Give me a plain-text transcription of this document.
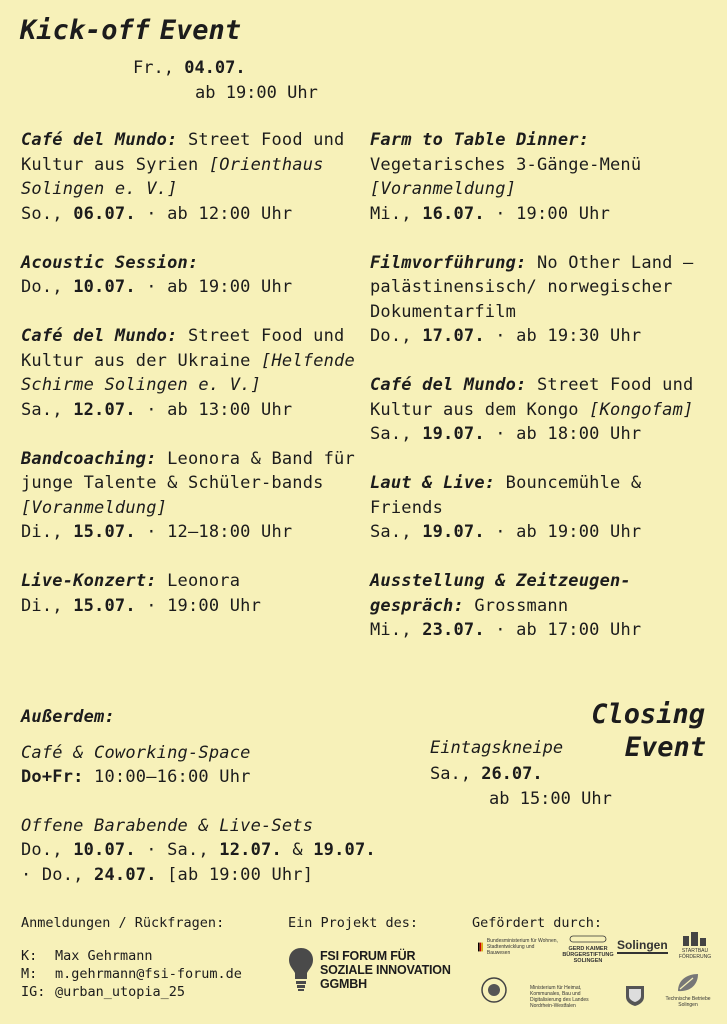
Kick-off Event
Fr., 04.07.
ab 19:00 Uhr
Café del Mundo: Street Food und Kultur aus Syrien [Orienthaus Solingen e. V.]
So., 06.07. · ab 12:00 Uhr
Acoustic Session:
Do., 10.07. · ab 19:00 Uhr
Café del Mundo: Street Food und Kultur aus der Ukraine [Helfende Schirme Solingen e. V.]
Sa., 12.07. · ab 13:00 Uhr
Bandcoaching: Leonora & Band für junge Talente & Schüler-bands [Voranmeldung]
Di., 15.07. · 12–18:00 Uhr
Live-Konzert: Leonora
Di., 15.07. · 19:00 Uhr
Farm to Table Dinner: Vegetarisches 3-Gänge-Menü [Voranmeldung]
Mi., 16.07. · 19:00 Uhr
Filmvorführung: No Other Land – palästinensisch/ norwegischer Dokumentarfilm
Do., 17.07. · ab 19:30 Uhr
Café del Mundo: Street Food und Kultur aus dem Kongo [Kongofam]
Sa., 19.07. · ab 18:00 Uhr
Laut & Live: Bouncemühle & Friends
Sa., 19.07. · ab 19:00 Uhr
Ausstellung & Zeitzeugen-gespräch: Grossmann
Mi., 23.07. · ab 17:00 Uhr
Außerdem:
Café & Coworking-Space
Do+Fr: 10:00–16:00 Uhr
Offene Barabende & Live-Sets
Do., 10.07. · Sa., 12.07. & 19.07.
· Do., 24.07. [ab 19:00 Uhr]
Closing
Eintagskneipe Event
Sa., 26.07.
ab 15:00 Uhr
Anmeldungen / Rückfragen:
K: Max Gehrmann
M: m.gehrmann@fsi-forum.de
IG: @urban_utopia_25
Ein Projekt des:
FSI FORUM FÜR
SOZIALE INNOVATION
GGMBH
Gefördert durch:
Bundesministerium für Wohnen, Stadtentwicklung und Bauwesen
GERD KAIMER BÜRGERSTIFTUNG SOLINGEN
Solingen	STARTBAU FÖRDERUNG
Ministerium für Heimat, Kommunales, Bau und Digitalisierung des Landes Nordrhein-Westfalen
Technische Betriebe Solingen
